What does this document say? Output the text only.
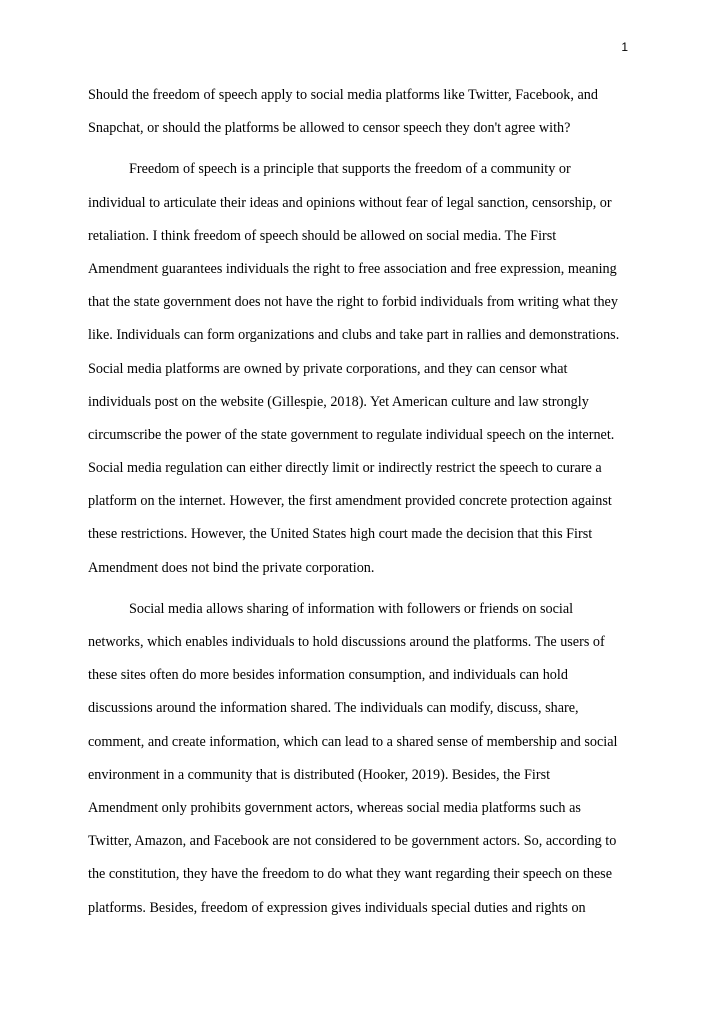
1
Should the freedom of speech apply to social media platforms like Twitter, Facebook, and
Snapchat, or should the platforms be allowed to censor speech they don't agree with?
Freedom of speech is a principle that supports the freedom of a community or
individual to articulate their ideas and opinions without fear of legal sanction, censorship, or
retaliation. I think freedom of speech should be allowed on social media. The First
Amendment guarantees individuals the right to free association and free expression, meaning
that the state government does not have the right to forbid individuals from writing what they
like. Individuals can form organizations and clubs and take part in rallies and demonstrations.
Social media platforms are owned by private corporations, and they can censor what
individuals post on the website (Gillespie, 2018). Yet American culture and law strongly
circumscribe the power of the state government to regulate individual speech on the internet.
Social media regulation can either directly limit or indirectly restrict the speech to curare a
platform on the internet. However, the first amendment provided concrete protection against
these restrictions. However, the United States high court made the decision that this First
Amendment does not bind the private corporation.
Social media allows sharing of information with followers or friends on social
networks, which enables individuals to hold discussions around the platforms. The users of
these sites often do more besides information consumption, and individuals can hold
discussions around the information shared. The individuals can modify, discuss, share,
comment, and create information, which can lead to a shared sense of membership and social
environment in a community that is distributed (Hooker, 2019). Besides, the First
Amendment only prohibits government actors, whereas social media platforms such as
Twitter, Amazon, and Facebook are not considered to be government actors. So, according to
the constitution, they have the freedom to do what they want regarding their speech on these
platforms. Besides, freedom of expression gives individuals special duties and rights on
